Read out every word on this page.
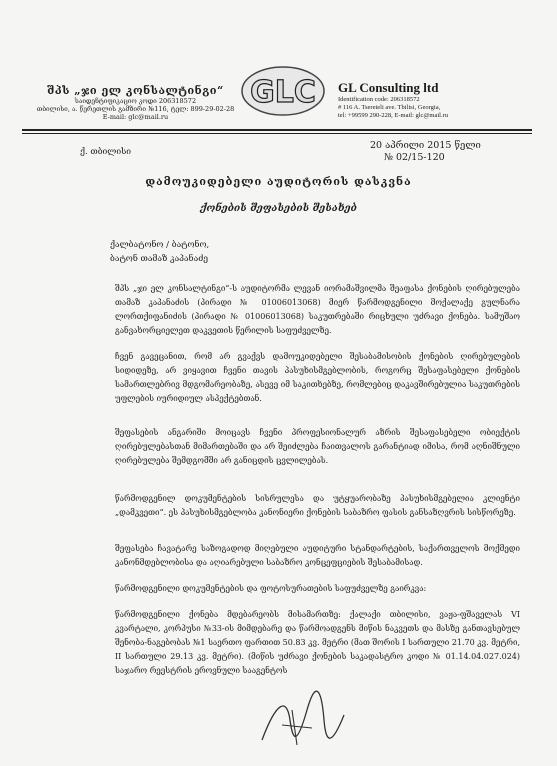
შპს „ჯი ელ კონსალტინგი“
საიდენტიფიკაციო კოდი 206318572
თბილისი, ა. წერეთლის გამზირი №116, ტელ: 899-29-02-28
E-mail: glc@mail.ru
GLC GL Consulting ltd
Identification code: 206318572
# 116 A. Tsereteli ave. Tbilisi, Georgia,
tel: +99599 290-228, E-mail: glc@mail.ru
ქ. თბილისი
20 აპრილი 2015 წელი
№ 02/15-120
დამოუკიდებელი აუდიტორის დასკვნა
ქონების შეფასების შესახებ
ქალბატონო / ბატონო,
ბატონ თამაზ კაპანაძე
შპს „ჯი ელ კონსალტინგი“-ს აუდიტორმა ლევან იორამაშვილმა შეაფასა ქონების ღირებულება თამაზ კაპანაძის (პირადი № 01006013068) მიერ წარმოდგენილი მოქალაქე გულნარა ლორთქიფანიძის (პირადი № 01006013068) საკუთრებაში რიცხული უძრავი ქონება. სამუშაო განვახორციელეთ დაკვეთის წერილის საფუძველზე.
ჩვენ გავეცანით, რომ არ გვაქვს დამოუკიდებელი შესაბამისობის ქონების ღირებულების სიდიდეზე, არ ვიყავით ჩვენი თავის პასუხისმგებლობის, როგორც შესაფასებელი ქონების სამართლებრივ მდგომარეობაზე, ასევე იმ საკითხებზე, რომლებიც დაკავშირებულია საკუთრების უფლების იურიდიულ ასპექტებთან.
შეფასების ანგარიში მოიცავს ჩვენი პროფესიონალურ აზრის შესაფასებელი ობიექტის ღირებულებასთან მიმართებაში და არ შეიძლება ჩაითვალოს გარანტიად იმისა, რომ აღნიშნული ღირებულება შემდგომში არ განიცდის ცვლილებას.
წარმოდგენილ დოკუმენტების სისრულესა და უტყუარობაზე პასუხისმგებელია კლიენტი „დამკვეთი“. ეს პასუხისმგებლობა კანონიერი ქონების საბაზრო ფასის განსაზღვრის სისწორეზე.
შეფასება ჩავატარე საზოგადოდ მიღებული აუდიტური სტანდარტების, საქართველოს მოქმედი კანონმდებლობისა და აღიარებული საბაზრო კონცეფციების შესაბამისად.
წარმოდგენილი დოკუმენტების და ფოტოსურათების საფუძველზე გაირკვა:
წარმოდგენილი ქონება მდებარეობს მისამართზე: ქალაქი თბილისი, ვაჟა-ფშაველას VI კვარტალი, კორპუსი №33-ის მიმდებარე და წარმოადგენს მიწის ნაკვეთს და მასზე განთავსებულ შენობა-ნაგებობას №1 საერთო ფართით 50.83 კვ. მეტრი (მათ შორის I სართული 21.70 კვ. მეტრი, II სართული 29.13 კვ. მეტრი). (მიწის უძრავი ქონების საკადასტრო კოდი № 01.14.04.027.024) საჯარო რეესტრის ეროვნული სააგენტოს
